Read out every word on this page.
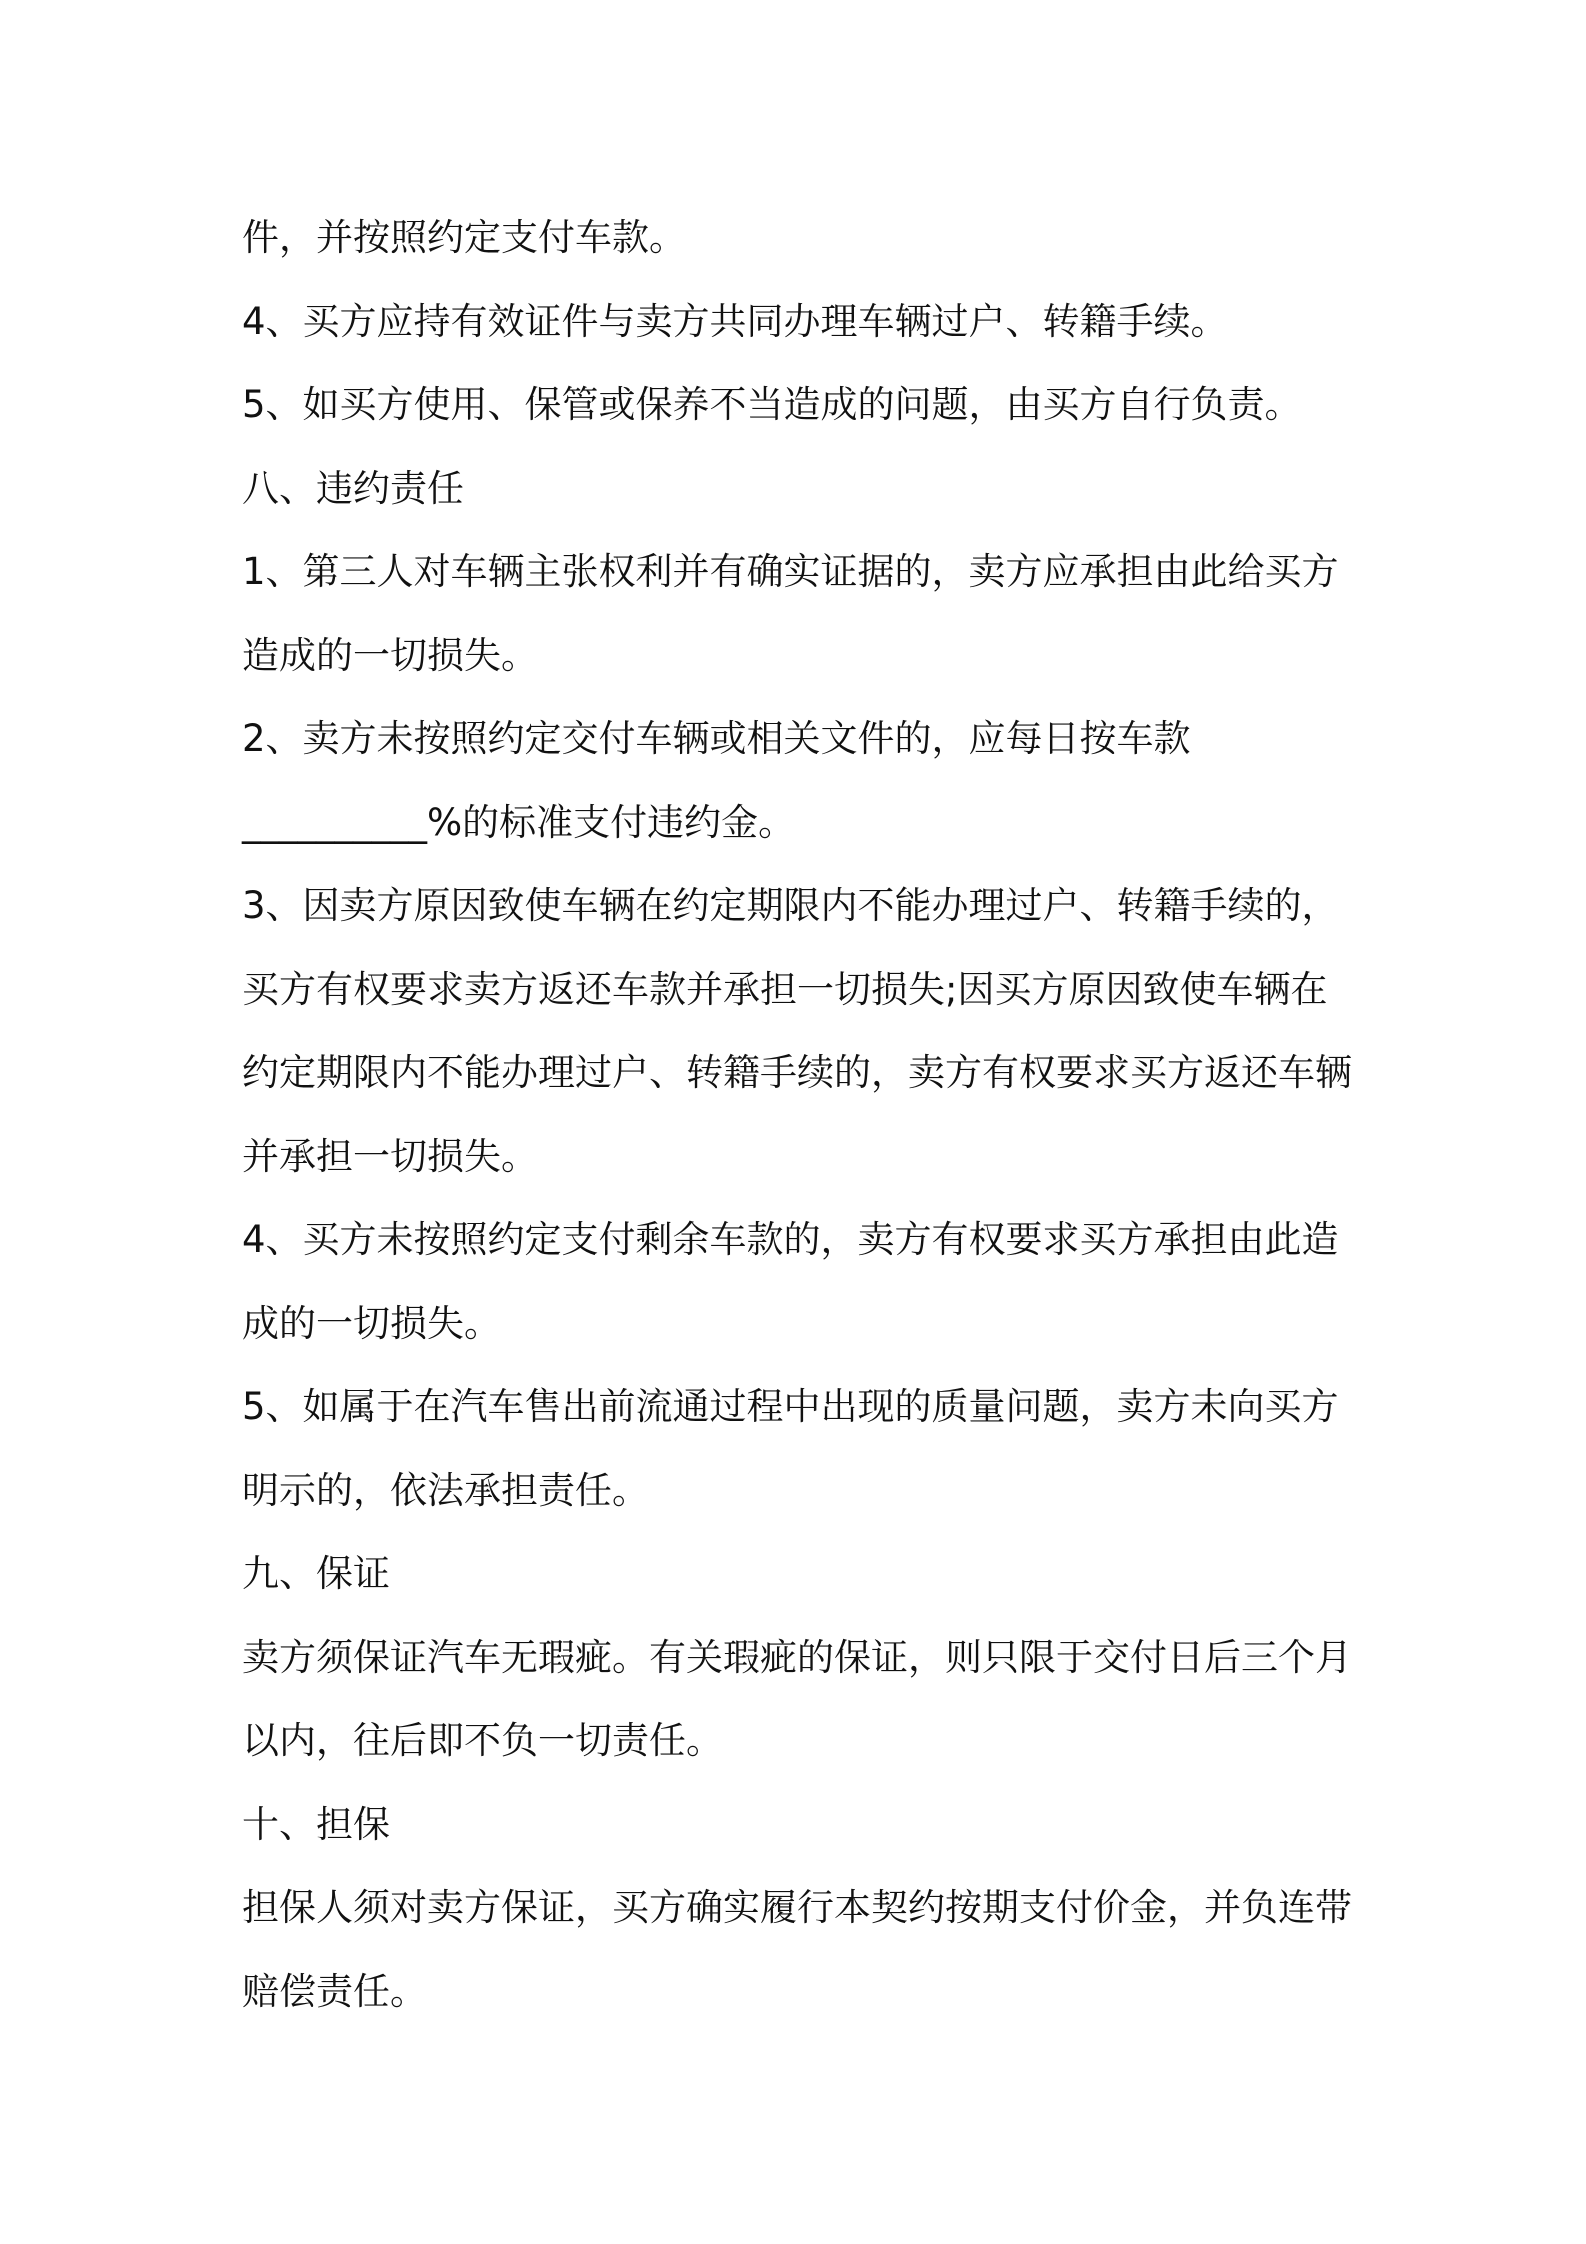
件，并按照约定支付车款。

4、买方应持有效证件与卖方共同办理车辆过户、转籍手续。

5、如买方使用、保管或保养不当造成的问题，由买方自行负责。

八、违约责任

1、第三人对车辆主张权利并有确实证据的，卖方应承担由此给买方

造成的一切损失。

2、卖方未按照约定交付车辆或相关文件的，应每日按车款

__________%的标准支付违约金。

3、因卖方原因致使车辆在约定期限内不能办理过户、转籍手续的，

买方有权要求卖方返还车款并承担一切损失;因买方原因致使车辆在

约定期限内不能办理过户、转籍手续的，卖方有权要求买方返还车辆

并承担一切损失。

4、买方未按照约定支付剩余车款的，卖方有权要求买方承担由此造

成的一切损失。

5、如属于在汽车售出前流通过程中出现的质量问题，卖方未向买方

明示的，依法承担责任。

九、保证

卖方须保证汽车无瑕疵。有关瑕疵的保证，则只限于交付日后三个月

以内，往后即不负一切责任。

十、担保

担保人须对卖方保证，买方确实履行本契约按期支付价金，并负连带

赔偿责任。
